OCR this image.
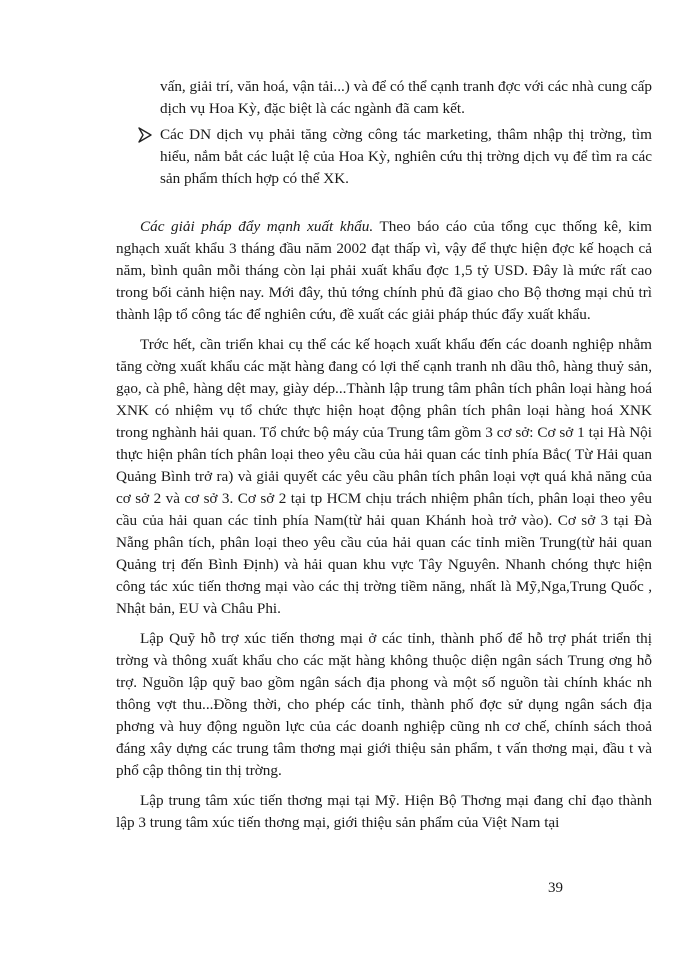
vấn, giải trí, văn hoá, vận tải...) và để có thể cạnh tranh đợc với các nhà cung cấp dịch vụ Hoa Kỳ, đặc biệt là các ngành đã cam kết.
Các DN dịch vụ phải tăng cờng công tác marketing, thâm nhập thị trờng, tìm hiểu, nắm bắt các luật lệ của Hoa Kỳ, nghiên cứu thị trờng dịch vụ để tìm ra các sản phẩm thích hợp có thể XK.

Các giải pháp đẩy mạnh xuất khẩu. Theo báo cáo của tổng cục thống kê, kim nghạch xuất khẩu 3 tháng đầu năm 2002 đạt thấp vì, vậy để thực hiện đợc kế hoạch cả năm, bình quân mỗi tháng còn lại phải xuất khẩu đợc 1,5 tỷ USD. Đây là mức rất cao trong bối cảnh hiện nay. Mới đây, thủ tớng chính phủ đã giao cho Bộ thơng mại chủ trì thành lập tổ công tác để nghiên cứu, đề xuất các giải pháp thúc đẩy xuất khẩu.

Trớc hết, cần triển khai cụ thể các kế hoạch xuất khẩu đến các doanh nghiệp nhằm tăng cờng xuất khẩu các mặt hàng đang có lợi thế cạnh tranh nh dầu thô, hàng thuỷ sản, gạo, cà phê, hàng dệt may, giày dép...Thành lập trung tâm phân tích phân loại hàng hoá XNK có nhiệm vụ tổ chức thực hiện hoạt động phân tích phân loại hàng hoá XNK trong nghành hải quan. Tổ chức bộ máy của Trung tâm gồm 3 cơ sở: Cơ sở 1 tại Hà Nội thực hiện phân tích phân loại theo yêu cầu của hải quan các tỉnh phía Bắc( Từ Hải quan Quảng Bình trở ra) và giải quyết các yêu cầu phân tích phân loại vợt quá khả năng của cơ sở 2 và cơ sở 3. Cơ sở 2 tại tp HCM chịu trách nhiệm phân tích, phân loại theo yêu cầu của hải quan các tỉnh phía Nam(từ hải quan Khánh hoà trở vào). Cơ sở 3 tại Đà Nẵng phân tích, phân loại theo yêu cầu của hải quan các tỉnh miền Trung(từ hải quan Quảng trị đến Bình Định) và hải quan khu vực Tây Nguyên. Nhanh chóng thực hiện công tác xúc tiến thơng mại vào các thị trờng tiềm năng, nhất là Mỹ,Nga,Trung Quốc , Nhật bản, EU và Châu Phi.

Lập Quỹ hỗ trợ xúc tiến thơng mại ở các tỉnh, thành phố để hỗ trợ phát triển thị trờng và thông xuất khẩu cho các mặt hàng không thuộc diện ngân sách Trung ơng hỗ trợ. Nguồn lập quỹ bao gồm ngân sách địa phong và một số nguồn tài chính khác nh thông vợt thu...Đồng thời, cho phép các tỉnh, thành phố đợc sử dụng ngân sách địa phơng và huy động nguồn lực của các doanh nghiệp cũng nh cơ chế, chính sách thoả đáng xây dựng các trung tâm thơng mại giới thiệu sản phẩm, t vấn thơng mại, đầu t và phổ cập thông tin thị trờng.

Lập trung tâm xúc tiến thơng mại tại Mỹ. Hiện Bộ Thơng mại đang chỉ đạo thành lập 3 trung tâm xúc tiến thơng mại, giới thiệu sản phẩm của Việt Nam tại

39
